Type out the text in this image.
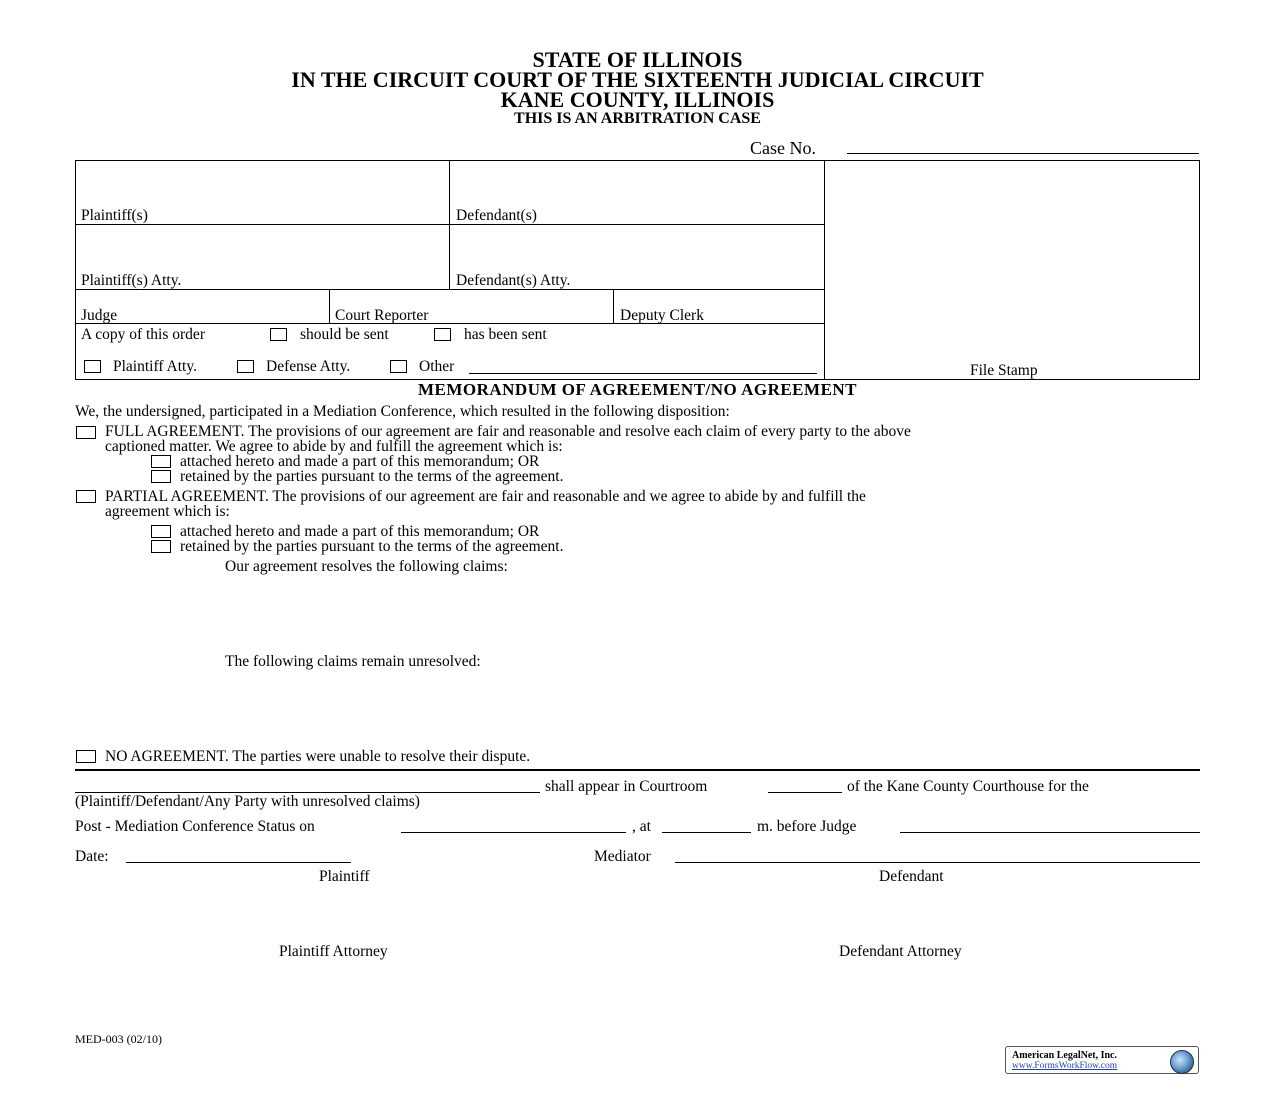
STATE OF ILLINOIS
IN THE CIRCUIT COURT OF THE SIXTEENTH JUDICIAL CIRCUIT
KANE COUNTY, ILLINOIS
THIS IS AN ARBITRATION CASE
Case No.
Plaintiff(s)	Defendant(s)
Plaintiff(s) Atty.	Defendant(s) Atty.
Judge	Court Reporter	Deputy Clerk
A copy of this order	should be sent	has been sent
Plaintiff Atty.	Defense Atty.	Other	File Stamp
MEMORANDUM OF AGREEMENT/NO AGREEMENT
We, the undersigned, participated in a Mediation Conference, which resulted in the following disposition:
FULL AGREEMENT. The provisions of our agreement are fair and reasonable and resolve each claim of every party to the above
captioned matter. We agree to abide by and fulfill the agreement which is:
attached hereto and made a part of this memorandum; OR
retained by the parties pursuant to the terms of the agreement.
PARTIAL AGREEMENT. The provisions of our agreement are fair and reasonable and we agree to abide by and fulfill the
agreement which is:
attached hereto and made a part of this memorandum; OR
retained by the parties pursuant to the terms of the agreement.
Our agreement resolves the following claims:
The following claims remain unresolved:
NO AGREEMENT. The parties were unable to resolve their dispute.
shall appear in Courtroom	of the Kane County Courthouse for the
(Plaintiff/Defendant/Any Party with unresolved claims)
Post - Mediation Conference Status on	, at	m. before Judge
Date:	Mediator
Plaintiff	Defendant
Plaintiff Attorney	Defendant Attorney
MED-003 (02/10)
American LegalNet, Inc.
www.FormsWorkFlow.com
